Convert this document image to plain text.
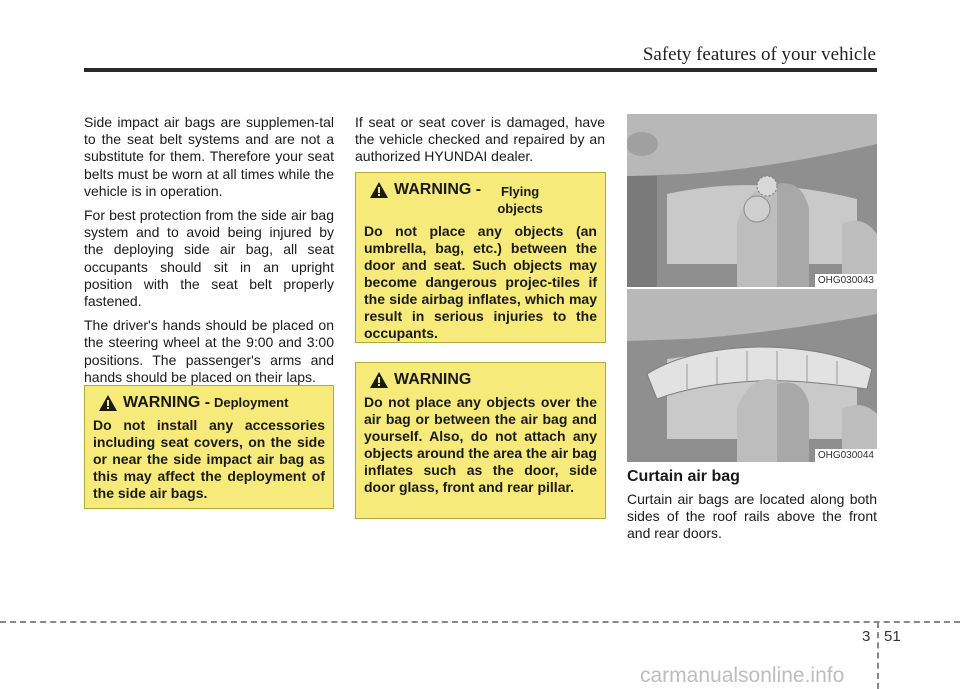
Safety features of your vehicle

Side impact air bags are supplemen-tal to the seat belt systems and are not a substitute for them. Therefore your seat belts must be worn at all times while the vehicle is in operation.

For best protection from the side air bag system and to avoid being injured by the deploying side air bag, all seat occupants should sit in an upright position with the seat belt properly fastened.

The driver's hands should be placed on the steering wheel at the 9:00 and 3:00 positions. The passenger's arms and hands should be placed on their laps.

WARNING - Deployment
Do not install any accessories including seat covers, on the side or near the side impact air bag as this may affect the deployment of the side air bags.

If seat or seat cover is damaged, have the vehicle checked and repaired by an authorized HYUNDAI dealer.

WARNING -	Flying objects
Do not place any objects (an umbrella, bag, etc.) between the door and seat. Such objects may become dangerous projec-tiles if the side airbag inflates, which may result in serious injuries to the occupants.
WARNING
Do not place any objects over the air bag or between the air bag and yourself. Also, do not attach any objects around the area the air bag inflates such as the door, side door glass, front and rear pillar.
OHG030043
OHG030044
Curtain air bag

Curtain air bags are located along both sides of the roof rails above the front and rear doors.

3 51
carmanualsonline.info
